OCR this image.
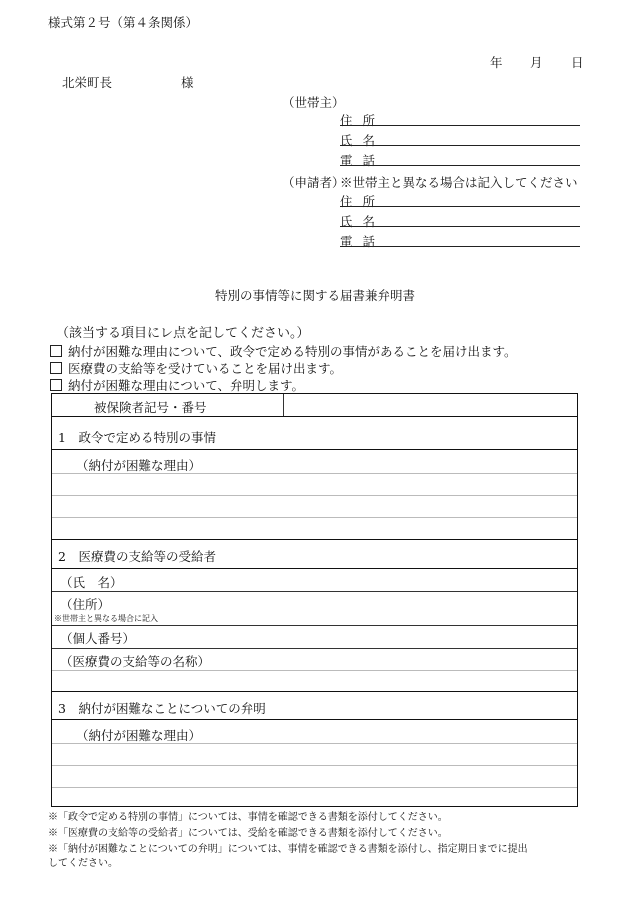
様式第２号（第４条関係）
年 月 日
北栄町長	様
（世帯主）
住所
氏名
電話
（申請者）
※世帯主と異なる場合は記入してください
住所
氏名
電話
特別の事情等に関する届書兼弁明書
（該当する項目にレ点を記してください。）
納付が困難な理由について、政令で定める特別の事情があることを届け出ます。
医療費の支給等を受けていることを届け出ます。
納付が困難な理由について、弁明します。
被保険者記号・番号
1　政令で定める特別の事情
（納付が困難な理由）
2　医療費の支給等の受給者
（氏　名）
（住所）
※世帯主と異なる場合に記入
（個人番号）
（医療費の支給等の名称）
3　納付が困難なことについての弁明
（納付が困難な理由）
※「政令で定める特別の事情」については、事情を確認できる書類を添付してください。
※「医療費の支給等の受給者」については、受給を確認できる書類を添付してください。
※「納付が困難なことについての弁明」については、事情を確認できる書類を添付し、指定期日までに提出
してください。
